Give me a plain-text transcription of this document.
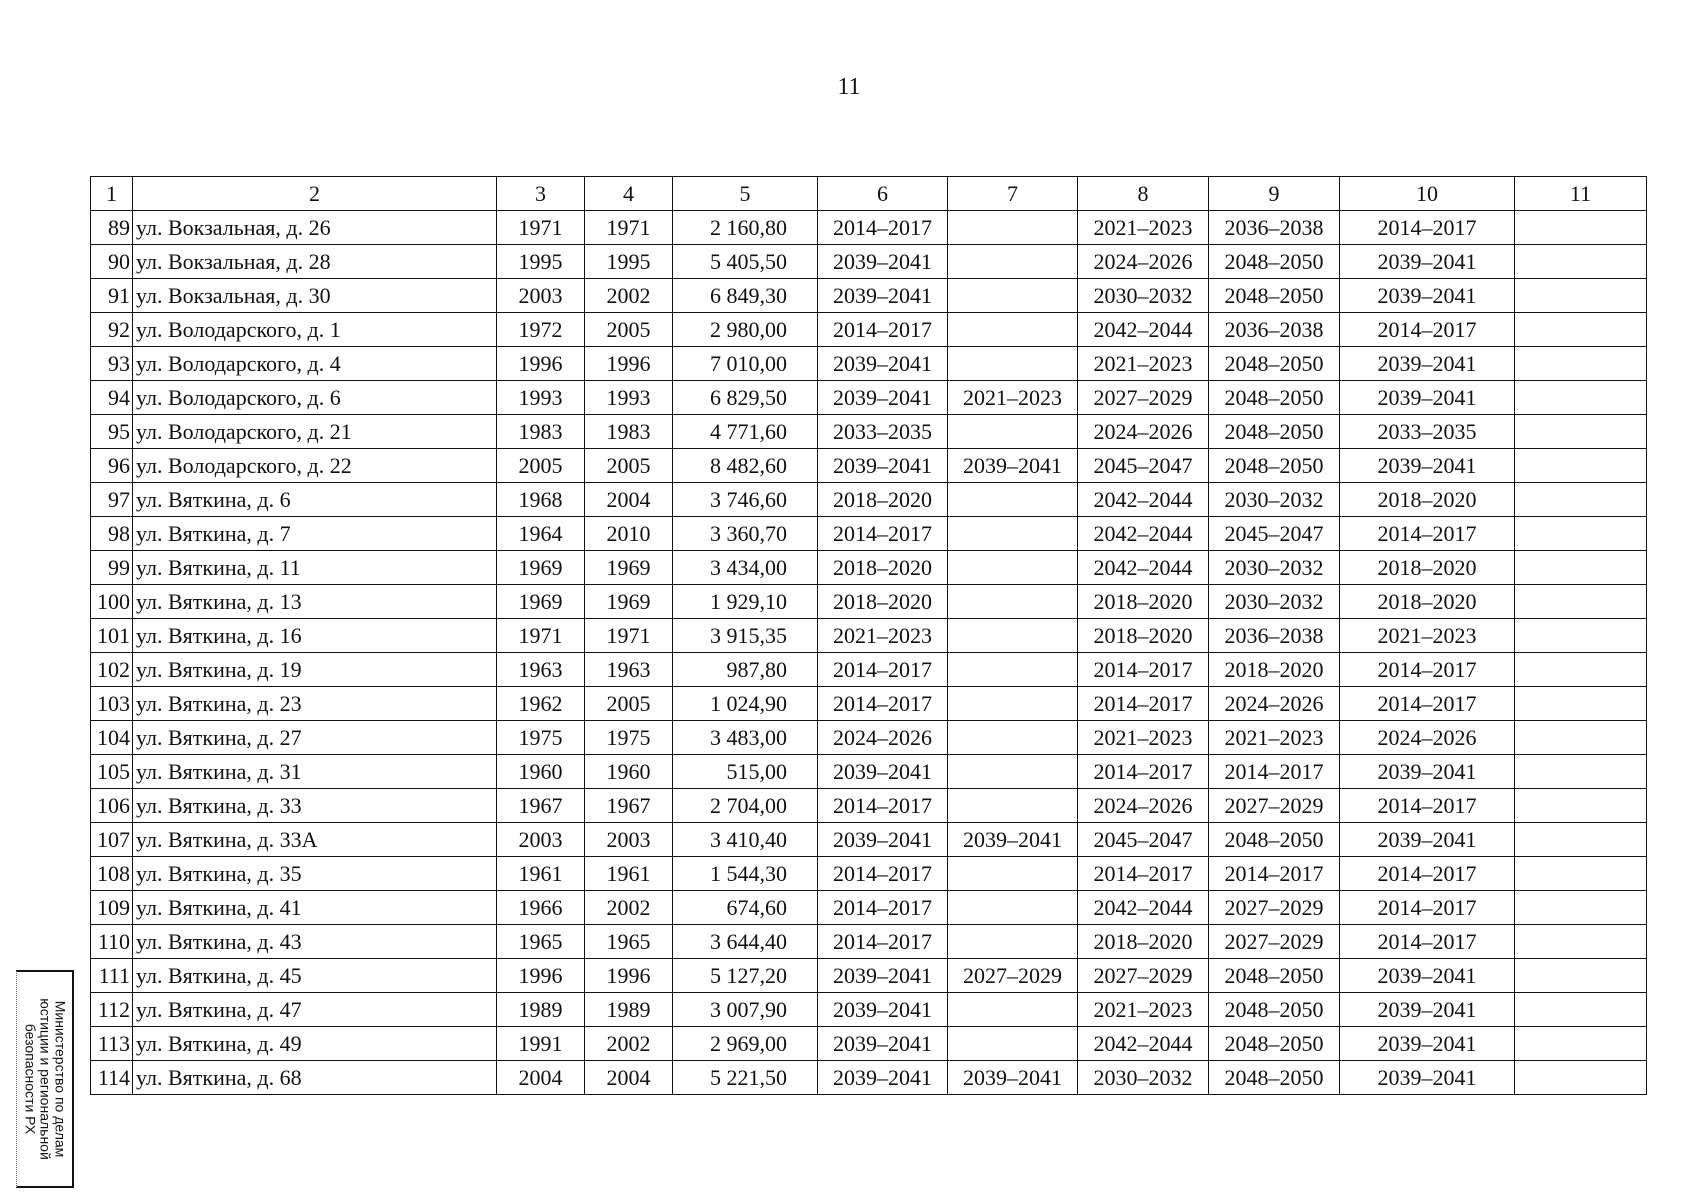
11
1	2	3	4	5	6	7	8	9	10	11
89	ул. Вокзальная, д. 26	1971	1971	2 160,80	2014–2017		2021–2023	2036–2038	2014–2017	
90	ул. Вокзальная, д. 28	1995	1995	5 405,50	2039–2041		2024–2026	2048–2050	2039–2041	
91	ул. Вокзальная, д. 30	2003	2002	6 849,30	2039–2041		2030–2032	2048–2050	2039–2041	
92	ул. Володарского, д. 1	1972	2005	2 980,00	2014–2017		2042–2044	2036–2038	2014–2017	
93	ул. Володарского, д. 4	1996	1996	7 010,00	2039–2041		2021–2023	2048–2050	2039–2041	
94	ул. Володарского, д. 6	1993	1993	6 829,50	2039–2041	2021–2023	2027–2029	2048–2050	2039–2041	
95	ул. Володарского, д. 21	1983	1983	4 771,60	2033–2035		2024–2026	2048–2050	2033–2035	
96	ул. Володарского, д. 22	2005	2005	8 482,60	2039–2041	2039–2041	2045–2047	2048–2050	2039–2041	
97	ул. Вяткина, д. 6	1968	2004	3 746,60	2018–2020		2042–2044	2030–2032	2018–2020	
98	ул. Вяткина, д. 7	1964	2010	3 360,70	2014–2017		2042–2044	2045–2047	2014–2017	
99	ул. Вяткина, д. 11	1969	1969	3 434,00	2018–2020		2042–2044	2030–2032	2018–2020	
100	ул. Вяткина, д. 13	1969	1969	1 929,10	2018–2020		2018–2020	2030–2032	2018–2020	
101	ул. Вяткина, д. 16	1971	1971	3 915,35	2021–2023		2018–2020	2036–2038	2021–2023	
102	ул. Вяткина, д. 19	1963	1963	987,80	2014–2017		2014–2017	2018–2020	2014–2017	
103	ул. Вяткина, д. 23	1962	2005	1 024,90	2014–2017		2014–2017	2024–2026	2014–2017	
104	ул. Вяткина, д. 27	1975	1975	3 483,00	2024–2026		2021–2023	2021–2023	2024–2026	
105	ул. Вяткина, д. 31	1960	1960	515,00	2039–2041		2014–2017	2014–2017	2039–2041	
106	ул. Вяткина, д. 33	1967	1967	2 704,00	2014–2017		2024–2026	2027–2029	2014–2017	
107	ул. Вяткина, д. 33А	2003	2003	3 410,40	2039–2041	2039–2041	2045–2047	2048–2050	2039–2041	
108	ул. Вяткина, д. 35	1961	1961	1 544,30	2014–2017		2014–2017	2014–2017	2014–2017	
109	ул. Вяткина, д. 41	1966	2002	674,60	2014–2017		2042–2044	2027–2029	2014–2017	
110	ул. Вяткина, д. 43	1965	1965	3 644,40	2014–2017		2018–2020	2027–2029	2014–2017	
111	ул. Вяткина, д. 45	1996	1996	5 127,20	2039–2041	2027–2029	2027–2029	2048–2050	2039–2041	
112	ул. Вяткина, д. 47	1989	1989	3 007,90	2039–2041		2021–2023	2048–2050	2039–2041	
113	ул. Вяткина, д. 49	1991	2002	2 969,00	2039–2041		2042–2044	2048–2050	2039–2041	
114	ул. Вяткина, д. 68	2004	2004	5 221,50	2039–2041	2039–2041	2030–2032	2048–2050	2039–2041	
Министерство по делам
юстиции и региональной
безопасности РХ
